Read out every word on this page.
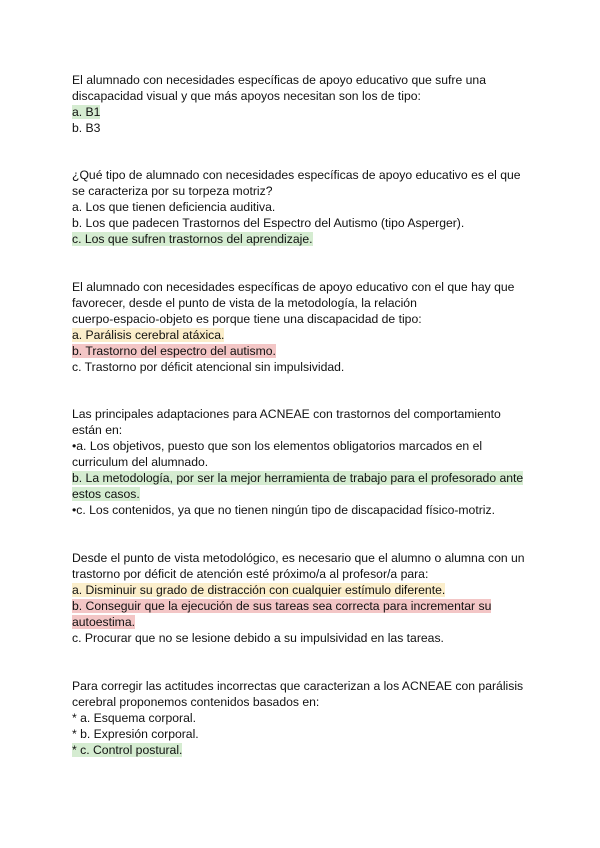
El alumnado con necesidades específicas de apoyo educativo que sufre una
discapacidad visual y que más apoyos necesitan son los de tipo:
a. B1
b. B3
¿Qué tipo de alumnado con necesidades específicas de apoyo educativo es el que
se caracteriza por su torpeza motriz?
a. Los que tienen deficiencia auditiva.
b. Los que padecen Trastornos del Espectro del Autismo (tipo Asperger).
c. Los que sufren trastornos del aprendizaje.
El alumnado con necesidades específicas de apoyo educativo con el que hay que
favorecer, desde el punto de vista de la metodología, la relación
cuerpo-espacio-objeto es porque tiene una discapacidad de tipo:
a. Parálisis cerebral atáxica.
b. Trastorno del espectro del autismo.
c. Trastorno por déficit atencional sin impulsividad.
Las principales adaptaciones para ACNEAE con trastornos del comportamiento
están en:
•a. Los objetivos, puesto que son los elementos obligatorios marcados en el
curriculum del alumnado.
b. La metodología, por ser la mejor herramienta de trabajo para el profesorado ante
estos casos.
•c. Los contenidos, ya que no tienen ningún tipo de discapacidad físico-motriz.
Desde el punto de vista metodológico, es necesario que el alumno o alumna con un
trastorno por déficit de atención esté próximo/a al profesor/a para:
a. Disminuir su grado de distracción con cualquier estímulo diferente.
b. Conseguir que la ejecución de sus tareas sea correcta para incrementar su
autoestima.
c. Procurar que no se lesione debido a su impulsividad en las tareas.
Para corregir las actitudes incorrectas que caracterizan a los ACNEAE con parálisis
cerebral proponemos contenidos basados en:
* a. Esquema corporal.
* b. Expresión corporal.
* c. Control postural.
